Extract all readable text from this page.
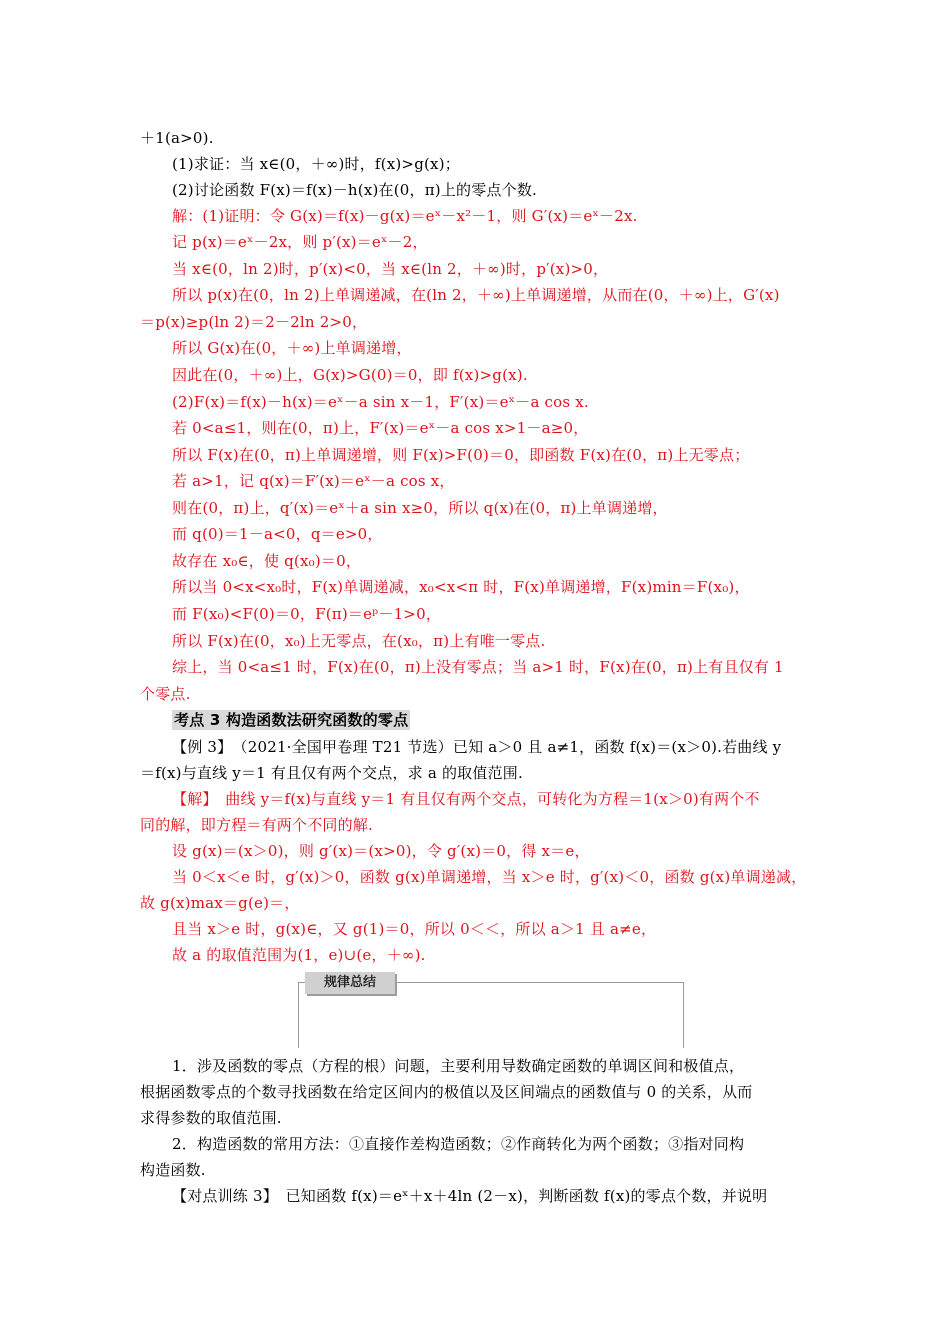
＋1(a>0).
(1)求证：当 x∈(0，＋∞)时，f(x)>g(x)；
(2)讨论函数 F(x)＝f(x)－h(x)在(0，π)上的零点个数.
解：(1)证明：令 G(x)＝f(x)－g(x)＝eˣ－x²－1，则 G′(x)＝eˣ－2x.
记 p(x)＝eˣ－2x，则 p′(x)＝eˣ－2，
当 x∈(0，ln 2)时，p′(x)<0，当 x∈(ln 2，＋∞)时，p′(x)>0，
所以 p(x)在(0，ln 2)上单调递减，在(ln 2，＋∞)上单调递增，从而在(0，＋∞)上，G′(x)
＝p(x)≥p(ln 2)＝2－2ln 2>0，
所以 G(x)在(0，＋∞)上单调递增，
因此在(0，＋∞)上，G(x)>G(0)＝0，即 f(x)>g(x).
(2)F(x)＝f(x)－h(x)＝eˣ－a sin x－1，F′(x)＝eˣ－a cos x.
若 0<a≤1，则在(0，π)上，F′(x)＝eˣ－a cos x>1－a≥0，
所以 F(x)在(0，π)上单调递增，则 F(x)>F(0)＝0，即函数 F(x)在(0，π)上无零点；
若 a>1，记 q(x)＝F′(x)＝eˣ－a cos x，
则在(0，π)上，q′(x)＝eˣ＋a sin x≥0，所以 q(x)在(0，π)上单调递增，
而 q(0)＝1－a<0，q＝e>0，
故存在 x₀∈，使 q(x₀)＝0，
所以当 0<x<x₀时，F(x)单调递减，x₀<x<π 时，F(x)单调递增，F(x)min＝F(x₀)，
而 F(x₀)<F(0)＝0，F(π)＝eᵖ－1>0，
所以 F(x)在(0，x₀)上无零点，在(x₀，π)上有唯一零点.
综上，当 0<a≤1 时，F(x)在(0，π)上没有零点；当 a>1 时，F(x)在(0，π)上有且仅有 1
个零点.
考点 3 构造函数法研究函数的零点
【例 3】　（2021·全国甲卷理 T21 节选）已知 a＞0 且 a≠1，函数 f(x)＝(x＞0).若曲线 y
＝f(x)与直线 y＝1 有且仅有两个交点，求 a 的取值范围.
【解】　曲线 y＝f(x)与直线 y＝1 有且仅有两个交点，可转化为方程＝1(x＞0)有两个不
同的解，即方程＝有两个不同的解.
设 g(x)＝(x＞0)，则 g′(x)＝(x>0)，令 g′(x)＝0，得 x＝e，
当 0＜x＜e 时，g′(x)＞0，函数 g(x)单调递增，当 x＞e 时，g′(x)＜0，函数 g(x)单调递减，
故 g(x)max＝g(e)＝，
且当 x＞e 时，g(x)∈，又 g(1)＝0，所以 0＜＜，所以 a＞1 且 a≠e，
故 a 的取值范围为(1，e)∪(e，＋∞).
规律总结
1．涉及函数的零点（方程的根）问题，主要利用导数确定函数的单调区间和极值点，
根据函数零点的个数寻找函数在给定区间内的极值以及区间端点的函数值与 0 的关系，从而
求得参数的取值范围.
2．构造函数的常用方法：①直接作差构造函数；②作商转化为两个函数；③指对同构
构造函数.
【对点训练 3】　已知函数 f(x)＝eˣ＋x＋4ln (2－x)，判断函数 f(x)的零点个数，并说明
